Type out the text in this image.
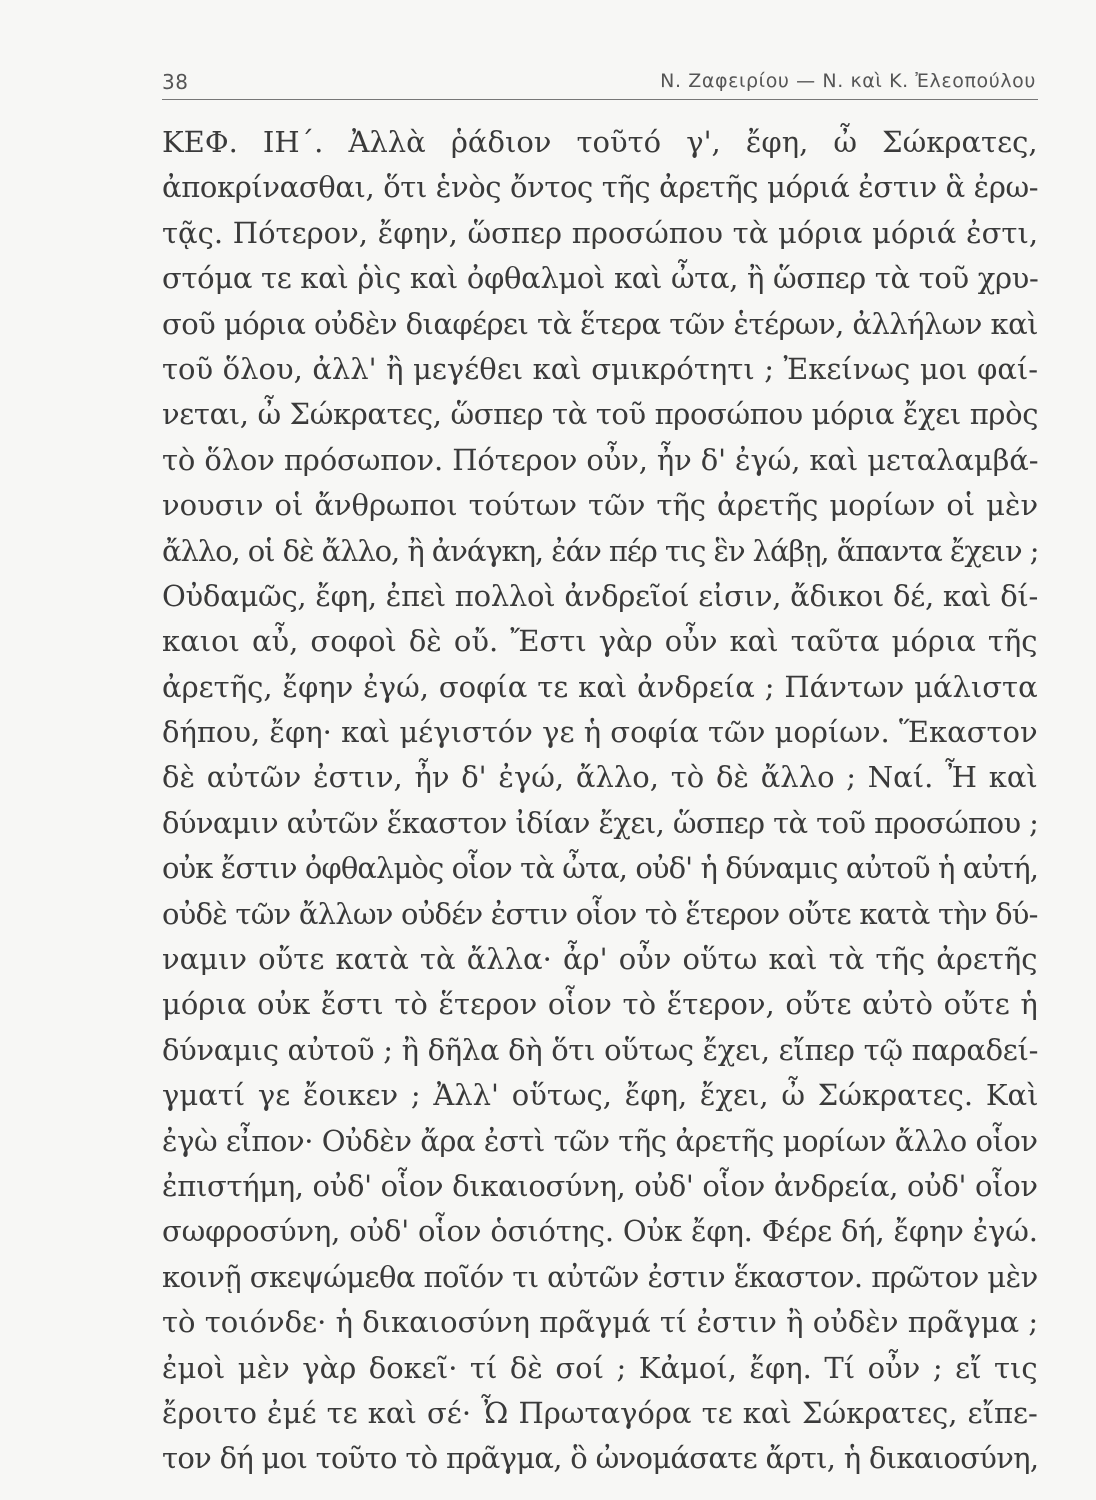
38	Ν. Ζαφειρίου — Ν. καὶ Κ. Ἐλεοπούλου
ΚΕΦ. ΙΗ΄. Ἀλλὰ ῥάδιον τοῦτό γ', ἔφη, ὦ Σώκρατες,
ἀποκρίνασθαι, ὅτι ἑνὸς ὄντος τῆς ἀρετῆς μόριά ἐστιν ἃ ἐρω-
τᾷς. Πότερον, ἔφην, ὥσπερ προσώπου τὰ μόρια μόριά ἐστι,
στόμα τε καὶ ῥὶς καὶ ὀφθαλμοὶ καὶ ὦτα, ἢ ὥσπερ τὰ τοῦ χρυ-
σοῦ μόρια οὐδὲν διαφέρει τὰ ἕτερα τῶν ἑτέρων, ἀλλήλων καὶ
τοῦ ὅλου, ἀλλ' ἢ μεγέθει καὶ σμικρότητι ; Ἐκείνως μοι φαί-
νεται, ὦ Σώκρατες, ὥσπερ τὰ τοῦ προσώπου μόρια ἔχει πρὸς
τὸ ὅλον πρόσωπον. Πότερον οὖν, ἦν δ' ἐγώ, καὶ μεταλαμβά-
νουσιν οἱ ἄνθρωποι τούτων τῶν τῆς ἀρετῆς μορίων οἱ μὲν
ἄλλο, οἱ δὲ ἄλλο, ἢ ἀνάγκη, ἐάν πέρ τις ἓν λάβῃ, ἅπαντα ἔχειν ;
Οὐδαμῶς, ἔφη, ἐπεὶ πολλοὶ ἀνδρεῖοί εἰσιν, ἄδικοι δέ, καὶ δί-
καιοι αὖ, σοφοὶ δὲ οὔ. Ἔστι γὰρ οὖν καὶ ταῦτα μόρια τῆς
ἀρετῆς, ἔφην ἐγώ, σοφία τε καὶ ἀνδρεία ; Πάντων μάλιστα
δήπου, ἔφη· καὶ μέγιστόν γε ἡ σοφία τῶν μορίων. Ἕκαστον
δὲ αὐτῶν ἐστιν, ἦν δ' ἐγώ, ἄλλο, τὸ δὲ ἄλλο ; Ναί. Ἦ καὶ
δύναμιν αὐτῶν ἕκαστον ἰδίαν ἔχει, ὥσπερ τὰ τοῦ προσώπου ;
οὐκ ἔστιν ὀφθαλμὸς οἷον τὰ ὦτα, οὐδ' ἡ δύναμις αὐτοῦ ἡ αὐτή,
οὐδὲ τῶν ἄλλων οὐδέν ἐστιν οἷον τὸ ἕτερον οὔτε κατὰ τὴν δύ-
ναμιν οὔτε κατὰ τὰ ἄλλα· ἆρ' οὖν οὕτω καὶ τὰ τῆς ἀρετῆς
μόρια οὐκ ἔστι τὸ ἕτερον οἷον τὸ ἕτερον, οὔτε αὐτὸ οὔτε ἡ
δύναμις αὐτοῦ ; ἢ δῆλα δὴ ὅτι οὕτως ἔχει, εἴπερ τῷ παραδεί-
γματί γε ἔοικεν ; Ἀλλ' οὕτως, ἔφη, ἔχει, ὦ Σώκρατες. Καὶ
ἐγὼ εἶπον· Οὐδὲν ἄρα ἐστὶ τῶν τῆς ἀρετῆς μορίων ἄλλο οἷον
ἐπιστήμη, οὐδ' οἷον δικαιοσύνη, οὐδ' οἷον ἀνδρεία, οὐδ' οἷον
σωφροσύνη, οὐδ' οἷον ὁσιότης. Οὐκ ἔφη. Φέρε δή, ἔφην ἐγώ.
κοινῇ σκεψώμεθα ποῖόν τι αὐτῶν ἐστιν ἕκαστον. πρῶτον μὲν
τὸ τοιόνδε· ἡ δικαιοσύνη πρᾶγμά τί ἐστιν ἢ οὐδὲν πρᾶγμα ;
ἐμοὶ μὲν γὰρ δοκεῖ· τί δὲ σοί ; Κἀμοί, ἔφη. Τί οὖν ; εἴ τις
ἔροιτο ἐμέ τε καὶ σέ· Ὦ Πρωταγόρα τε καὶ Σώκρατες, εἴπε-
τον δή μοι τοῦτο τὸ πρᾶγμα, ὃ ὠνομάσατε ἄρτι, ἡ δικαιοσύνη,
